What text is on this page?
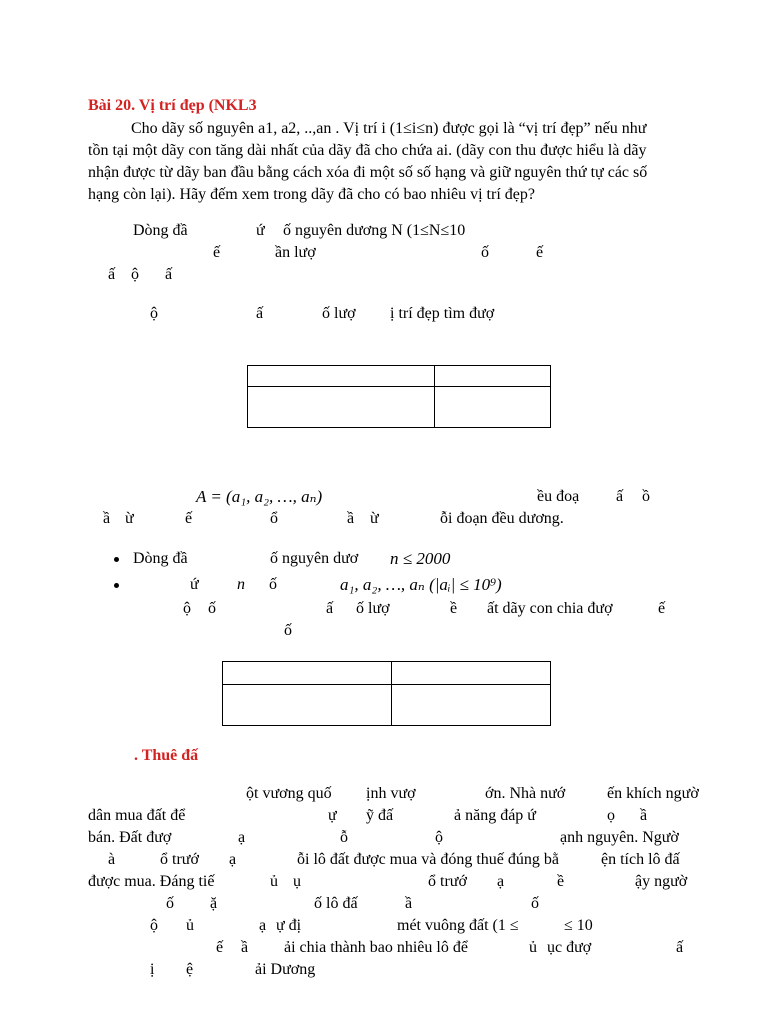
Bài 20. Vị trí đẹp (NKL3
Cho dãy số nguyên a1, a2, ..,an . Vị trí i (1≤i≤n) được gọi là “vị trí đẹp” nếu như
tồn tại một dãy con tăng dài nhất của dãy đã cho chứa ai. (dãy con thu được hiểu là dãy
nhận được từ dãy ban đầu bằng cách xóa đi một số số hạng và giữ nguyên thứ tự các số
hạng còn lại). Hãy đếm xem trong dãy đã cho có bao nhiêu vị trí đẹp?
Dòng đầ	ứ ố nguyên dương N (1≤N≤10
ế	ần lượ	ố	ế
ấ ộ ấ
ộ	ấ	ố lượ ị trí đẹp tìm đượ

A = (a₁, a₂, …, aₙ)	ều đoạ ấ ồ
ầ ừ	ế	ổ	ầ ừ	ỗi đoạn đều dương.
Dòng đầ	ố nguyên dươ n ≤ 2000
ứ n ố	a₁, a₂, …, aₙ (|aᵢ| ≤ 10⁹)
ộ ố	ấ ố lượ	ề ất dãy con chia đượ	ế
ố

. Thuê đấ
ột vương quố ịnh vượ	ớn. Nhà nướ	ến khích ngườ
dân mua đất để	ự ỹ đấ	ả năng đáp ứ	ọ ầ
bán. Đất đượ	ạ	ỗ	ộ	ạnh nguyên. Ngườ
à	ổ trướ ạ	ỗi lô đất được mua và đóng thuế đúng bằ	ện tích lô đấ
được mua. Đáng tiế	ủ ụ	ổ trướ ạ	ề	ậy ngườ
ố ặ	ố lô đấ	ầ	ố
ộ ủ	ạ ự đị	mét vuông đất (1 ≤	≤ 10
ế ầ ải chia thành bao nhiêu lô để	ủ ục đượ	ấ
ị ệ	ải Dương
